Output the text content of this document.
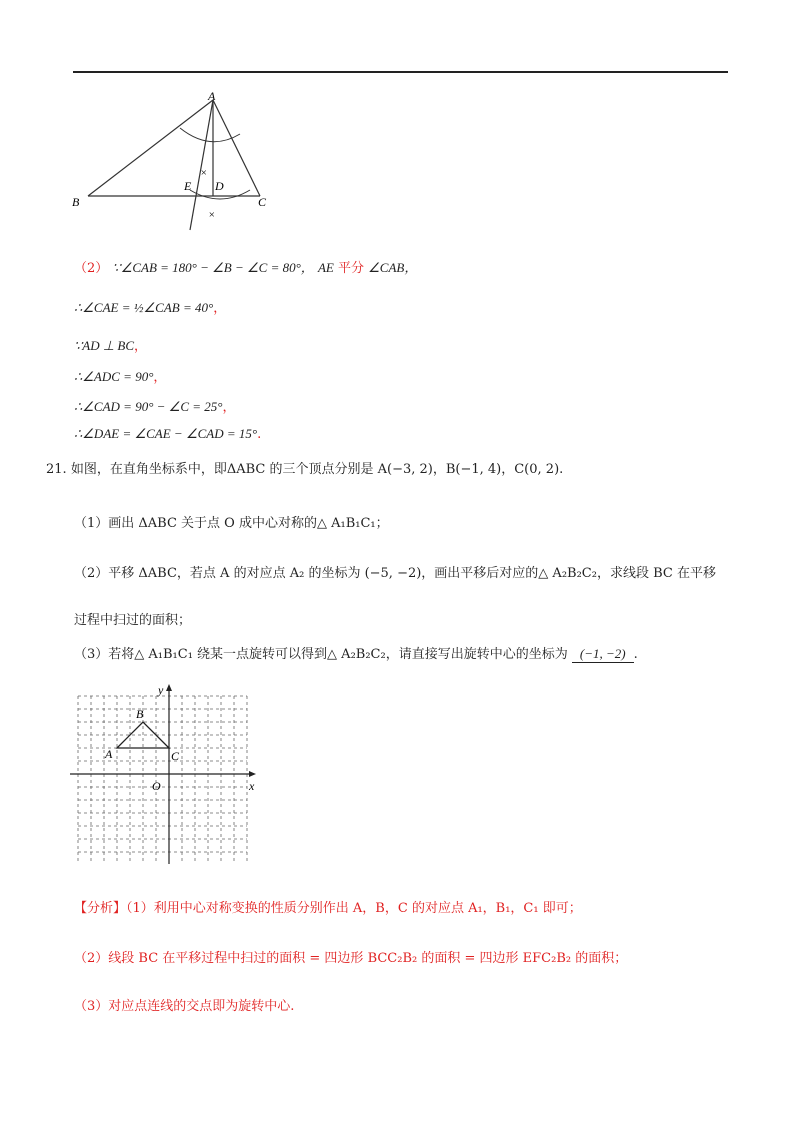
×
×
A
B	C
D
E
（2） ∵∠CAB = 180° − ∠B − ∠C = 80°， AE 平分 ∠CAB，
∴∠CAE = ½∠CAB = 40°，
∵AD ⊥ BC，
∴∠ADC = 90°，
∴∠CAD = 90° − ∠C = 25°，
∴∠DAE = ∠CAE − ∠CAD = 15°.
21. 如图，在直角坐标系中，即ΔABC 的三个顶点分别是 A(−3, 2)，B(−1, 4)，C(0, 2).
（1）画出 ΔABC 关于点 O 成中心对称的△ A₁B₁C₁；
（2）平移 ΔABC，若点 A 的对应点 A₂ 的坐标为 (−5, −2)，画出平移后对应的△ A₂B₂C₂，求线段 BC 在平移
过程中扫过的面积；
（3）若将△ A₁B₁C₁ 绕某一点旋转可以得到△ A₂B₂C₂，请直接写出旋转中心的坐标为 (−1, −2) .
x
y
O
A
B
C
【分析】（1）利用中心对称变换的性质分别作出 A，B，C 的对应点 A₁，B₁，C₁ 即可；
（2）线段 BC 在平移过程中扫过的面积 = 四边形 BCC₂B₂ 的面积 = 四边形 EFC₂B₂ 的面积；
（3）对应点连线的交点即为旋转中心.
